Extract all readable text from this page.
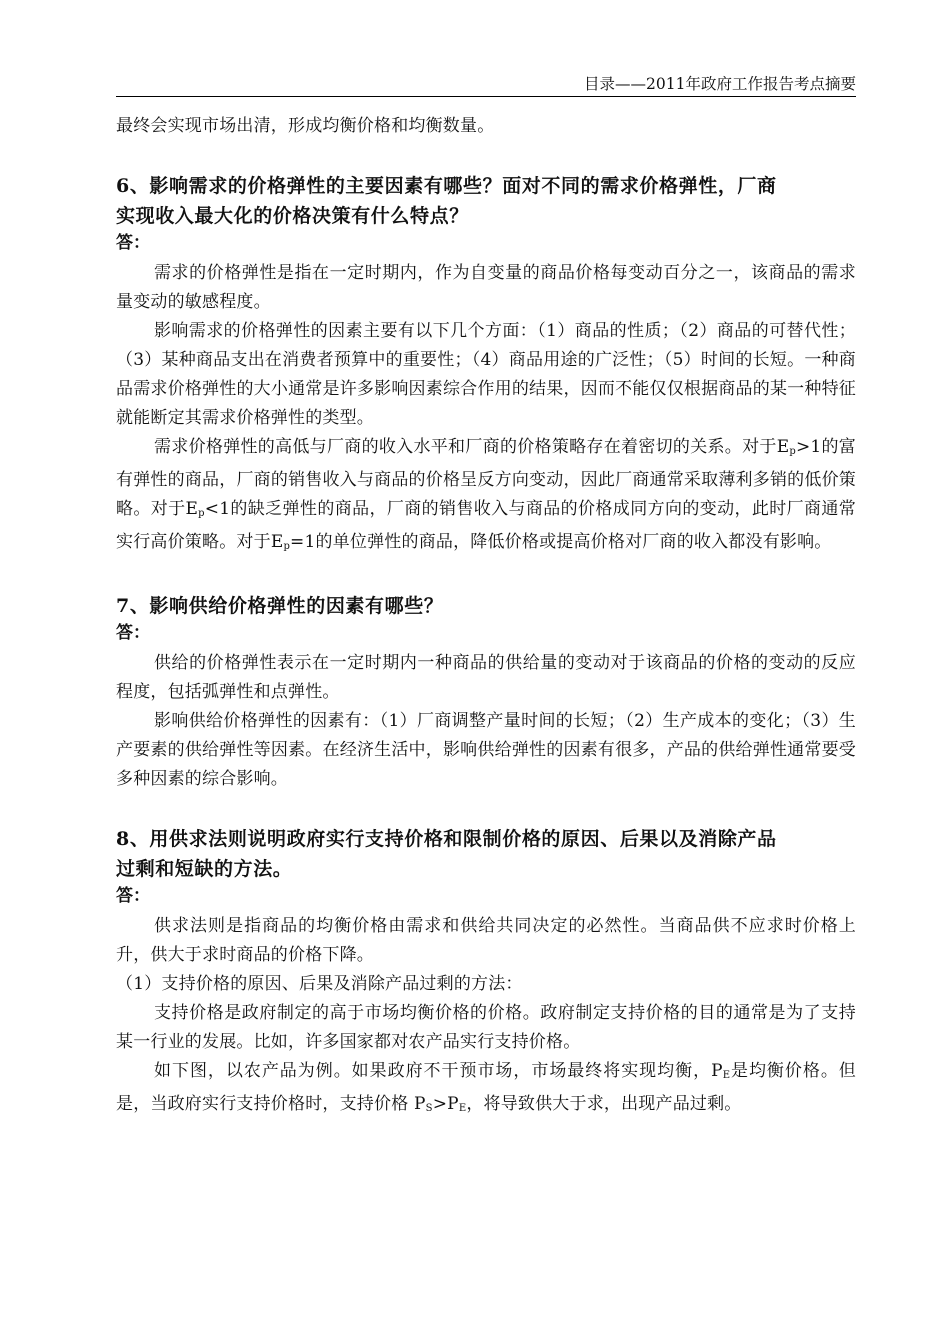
目录——2011年政府工作报告考点摘要

最终会实现市场出清，形成均衡价格和均衡数量。

6、影响需求的价格弹性的主要因素有哪些？面对不同的需求价格弹性，厂商

实现收入最大化的价格决策有什么特点？

答：

需求的价格弹性是指在一定时期内，作为自变量的商品价格每变动百分之一，该商品的需求量变动的敏感程度。

影响需求的价格弹性的因素主要有以下几个方面：（1）商品的性质；（2）商品的可替代性；（3）某种商品支出在消费者预算中的重要性；（4）商品用途的广泛性；（5）时间的长短。一种商品需求价格弹性的大小通常是许多影响因素综合作用的结果，因而不能仅仅根据商品的某一种特征就能断定其需求价格弹性的类型。

需求价格弹性的高低与厂商的收入水平和厂商的价格策略存在着密切的关系。对于$E_p>1$的富有弹性的商品，厂商的销售收入与商品的价格呈反方向变动，因此厂商通常采取薄利多销的低价策略。对于$E_p<1$的缺乏弹性的商品，厂商的销售收入与商品的价格成同方向的变动，此时厂商通常实行高价策略。对于$E_p=1$的单位弹性的商品，降低价格或提高价格对厂商的收入都没有影响。

7、影响供给价格弹性的因素有哪些？

答：

供给的价格弹性表示在一定时期内一种商品的供给量的变动对于该商品的价格的变动的反应程度，包括弧弹性和点弹性。

影响供给价格弹性的因素有：（1）厂商调整产量时间的长短；（2）生产成本的变化；（3）生产要素的供给弹性等因素。在经济生活中，影响供给弹性的因素有很多，产品的供给弹性通常要受多种因素的综合影响。

8、用供求法则说明政府实行支持价格和限制价格的原因、后果以及消除产品

过剩和短缺的方法。

答：

供求法则是指商品的均衡价格由需求和供给共同决定的必然性。当商品供不应求时价格上升，供大于求时商品的价格下降。

（1）支持价格的原因、后果及消除产品过剩的方法：

支持价格是政府制定的高于市场均衡价格的价格。政府制定支持价格的目的通常是为了支持某一行业的发展。比如，许多国家都对农产品实行支持价格。

如下图，以农产品为例。如果政府不干预市场，市场最终将实现均衡，$P_E$是均衡价格。但是，当政府实行支持价格时，支持价格 $P_S>P_E$，将导致供大于求，出现产品过剩。
